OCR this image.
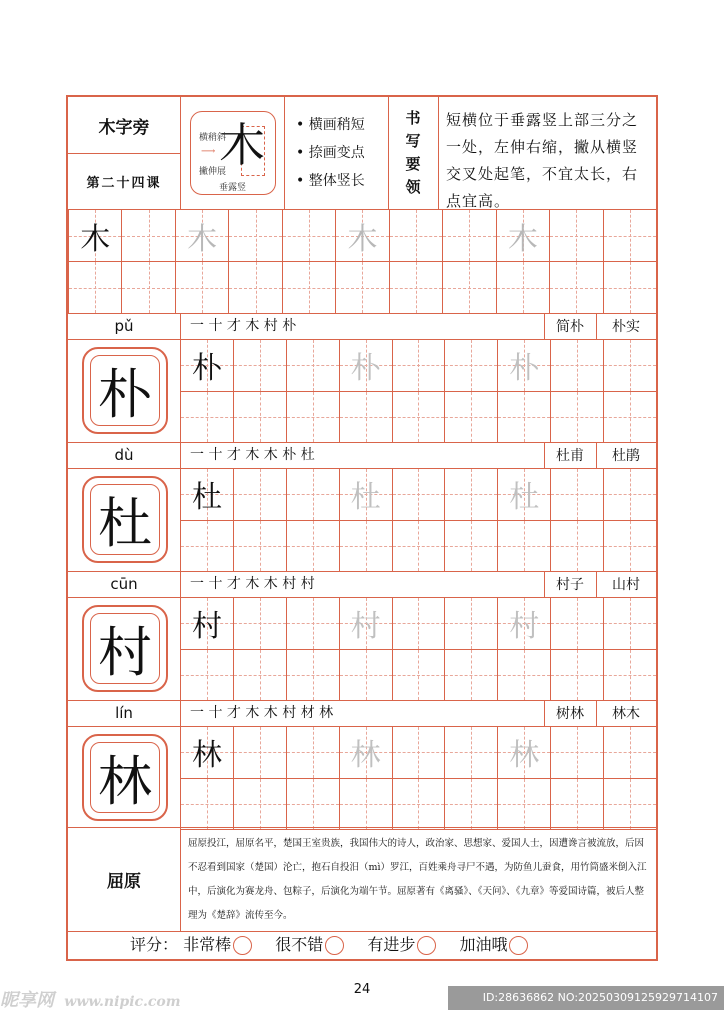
木字旁
第二十四课
木
横稍斜
⟶
撇伸展
垂露竖
• 横画稍短
• 捺画变点
• 整体竖长
书
写
要
领
短横位于垂露竖上部三分之一处，左伸右缩，撇从横竖交叉处起笔，不宜太长，右点宜高。
木	木	木	木
pǔ	一 十 才 木 村 朴	简朴	朴实
朴	朴	朴	朴
dù	一 十 才 木 木 朴 杜	杜甫	杜鹃
杜	杜	杜	杜
cūn	一 十 才 木 木 村 村	村子	山村
村	村	村	村
lín	一 十 才 木 木 村 材 林	树林	林木
林	林	林	林
屈原
屈原投江，屈原名平，楚国王室贵族，我国伟大的诗人，政治家、思想家、爱国人士，因遭谗言被流放，后因不忍看到国家（楚国）沦亡，抱石自投汨（mì）罗江，百姓乘舟寻尸不遇，为防鱼儿蚕食，用竹筒盛米倒入江中，后演化为赛龙舟、包粽子，后演化为端午节。屈原著有《离骚》、《天问》、《九章》等爱国诗篇，被后人整理为《楚辞》流传至今。
评分： 非常棒	很不错	有进步	加油哦
24
昵享网 www.nipic.com	ID:28636862 NO:20250309125929714107
